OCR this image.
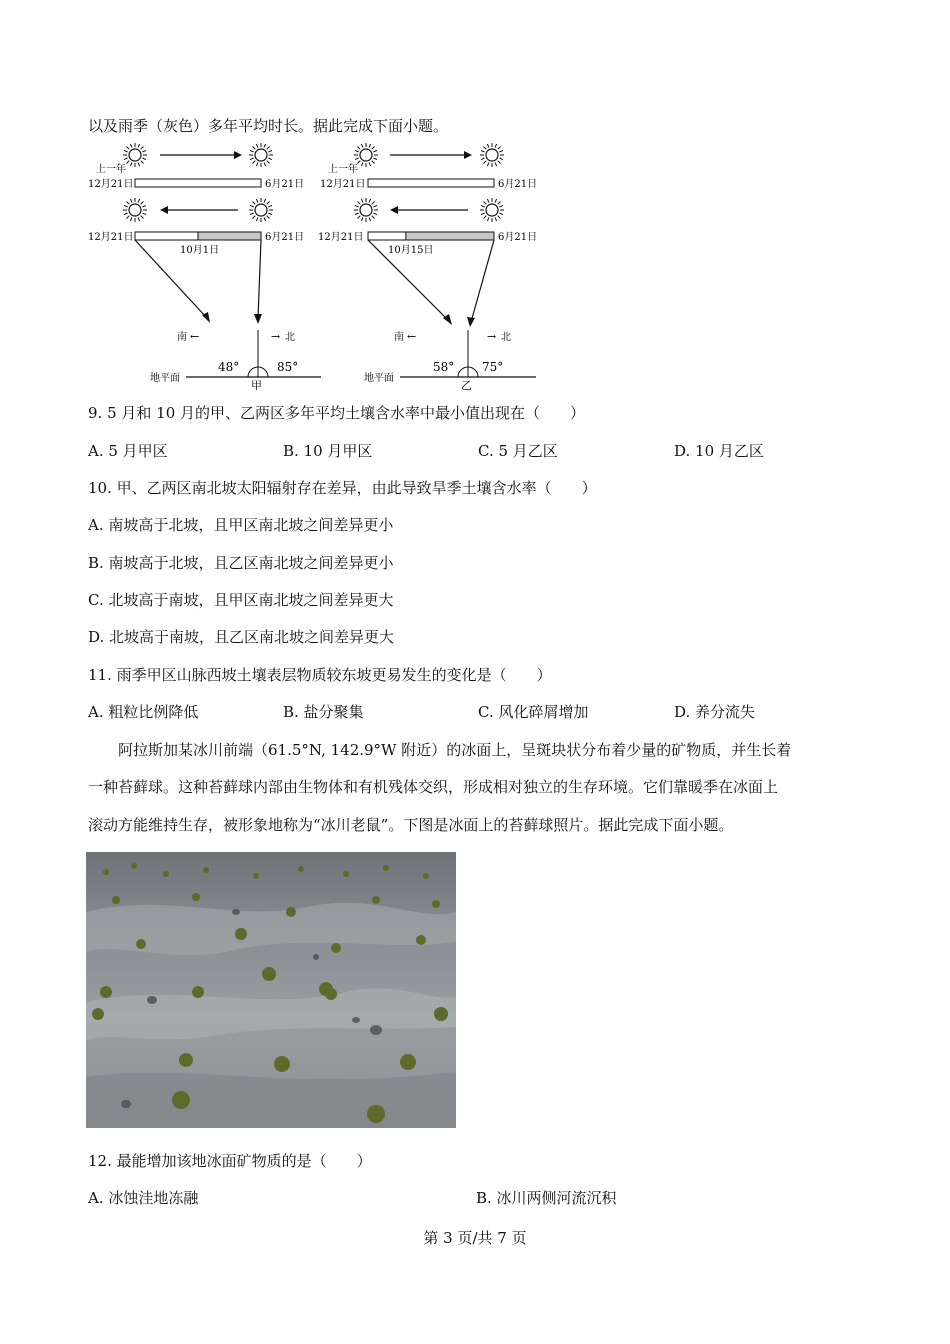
以及雨季（灰色）多年平均时长。据此完成下面小题。
上一年
12月21日	6月21日
12月21日	6月21日
10月1日
南 ←	→ 北
48°	85°
地平面
甲
上一年
12月21日	6月21日
12月21日	6月21日
10月15日
南 ←	→ 北
58° 75°
地平面
乙
9. 5 月和 10 月的甲、乙两区多年平均土壤含水率中最小值出现在（　　）
A. 5 月甲区	B. 10 月甲区	C. 5 月乙区	D. 10 月乙区
10. 甲、乙两区南北坡太阳辐射存在差异，由此导致旱季土壤含水率（　　）
A. 南坡高于北坡，且甲区南北坡之间差异更小
B. 南坡高于北坡，且乙区南北坡之间差异更小
C. 北坡高于南坡，且甲区南北坡之间差异更大
D. 北坡高于南坡，且乙区南北坡之间差异更大
11. 雨季甲区山脉西坡土壤表层物质较东坡更易发生的变化是（　　）
A. 粗粒比例降低	B. 盐分聚集	C. 风化碎屑增加	D. 养分流失
阿拉斯加某冰川前端（61.5°N, 142.9°W 附近）的冰面上，呈斑块状分布着少量的矿物质，并生长着
一种苔藓球。这种苔藓球内部由生物体和有机残体交织，形成相对独立的生存环境。它们靠暖季在冰面上
滚动方能维持生存，被形象地称为“冰川老鼠”。下图是冰面上的苔藓球照片。据此完成下面小题。
12. 最能增加该地冰面矿物质的是（　　）
A. 冰蚀洼地冻融	B. 冰川两侧河流沉积
第 3 页/共 7 页
